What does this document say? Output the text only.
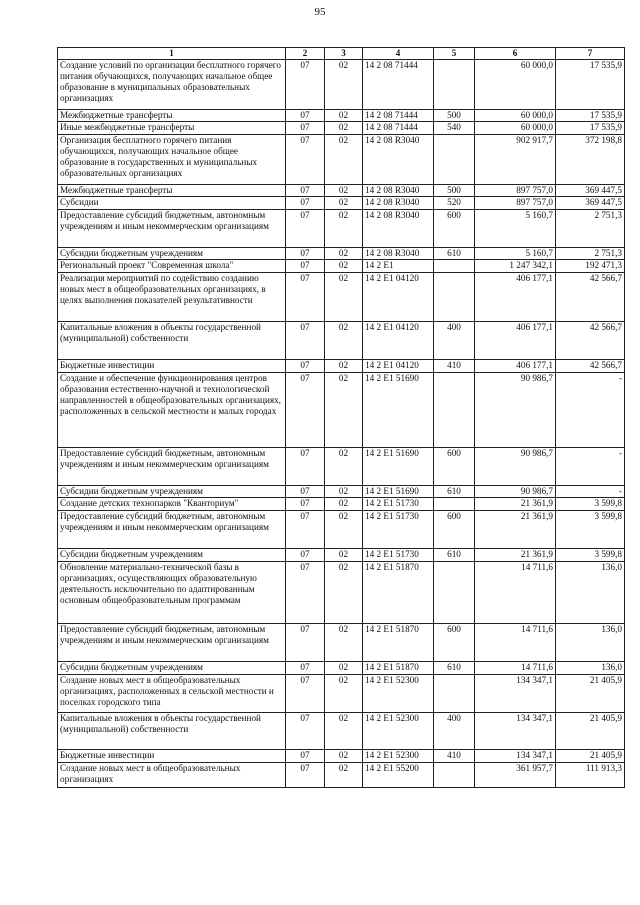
95
1	2	3	4	5	6	7

Создание условий по организации бесплатного горячего питания обучающихся, получающих начальное общее образование в муниципальных образовательных организациях	07	02	14 2 08 71444		60 000,0	17 535,9

Межбюджетные трансферты	07	02	14 2 08 71444	500	60 000,0	17 535,9

Иные межбюджетные трансферты	07	02	14 2 08 71444	540	60 000,0	17 535,9

Организация бесплатного горячего питания обучающихся, получающих начальное общее образование в государственных и муниципальных образовательных организациях	07	02	14 2 08 R3040		902 917,7	372 198,8

Межбюджетные трансферты	07	02	14 2 08 R3040	500	897 757,0	369 447,5

Субсидии	07	02	14 2 08 R3040	520	897 757,0	369 447,5

Предоставление субсидий бюджетным, автономным учреждениям и иным некоммерческим организациям	07	02	14 2 08 R3040	600	5 160,7	2 751,3

Субсидии бюджетным учреждениям	07	02	14 2 08 R3040	610	5 160,7	2 751,3

Региональный проект "Современная школа"	07	02	14 2 E1		1 247 342,1	192 471,3

Реализация мероприятий по содействию созданию новых мест в общеобразовательных организациях, в целях выполнения показателей результативности	07	02	14 2 E1 04120		406 177,1	42 566,7

Капитальные вложения в объекты государственной (муниципальной) собственности	07	02	14 2 E1 04120	400	406 177,1	42 566,7

Бюджетные инвестиции	07	02	14 2 E1 04120	410	406 177,1	42 566,7

Создание и обеспечение функционирования центров образования естественно-научной и технологической направленностей в общеобразовательных организациях, расположенных в сельской местности и малых городах	07	02	14 2 E1 51690		90 986,7	-

Предоставление субсидий бюджетным, автономным учреждениям и иным некоммерческим организациям	07	02	14 2 E1 51690	600	90 986,7	-

Субсидии бюджетным учреждениям	07	02	14 2 E1 51690	610	90 986,7	-

Создание детских технопарков "Кванториум"	07	02	14 2 E1 51730		21 361,9	3 599,8

Предоставление субсидий бюджетным, автономным учреждениям и иным некоммерческим организациям	07	02	14 2 E1 51730	600	21 361,9	3 599,8

Субсидии бюджетным учреждениям	07	02	14 2 E1 51730	610	21 361,9	3 599,8

Обновление материально-технической базы в организациях, осуществляющих образовательную деятельность исключительно по адаптированным основным общеобразовательным программам	07	02	14 2 E1 51870		14 711,6	136,0

Предоставление субсидий бюджетным, автономным учреждениям и иным некоммерческим организациям	07	02	14 2 E1 51870	600	14 711,6	136,0

Субсидии бюджетным учреждениям	07	02	14 2 E1 51870	610	14 711,6	136,0

Создание новых мест в общеобразовательных организациях, расположенных в сельской местности и поселках городского типа	07	02	14 2 E1 52300		134 347,1	21 405,9

Капитальные вложения в объекты государственной (муниципальной) собственности	07	02	14 2 E1 52300	400	134 347,1	21 405,9

Бюджетные инвестиции	07	02	14 2 E1 52300	410	134 347,1	21 405,9

Создание новых мест в общеобразовательных организациях	07	02	14 2 E1 55200		361 957,7	111 913,3
